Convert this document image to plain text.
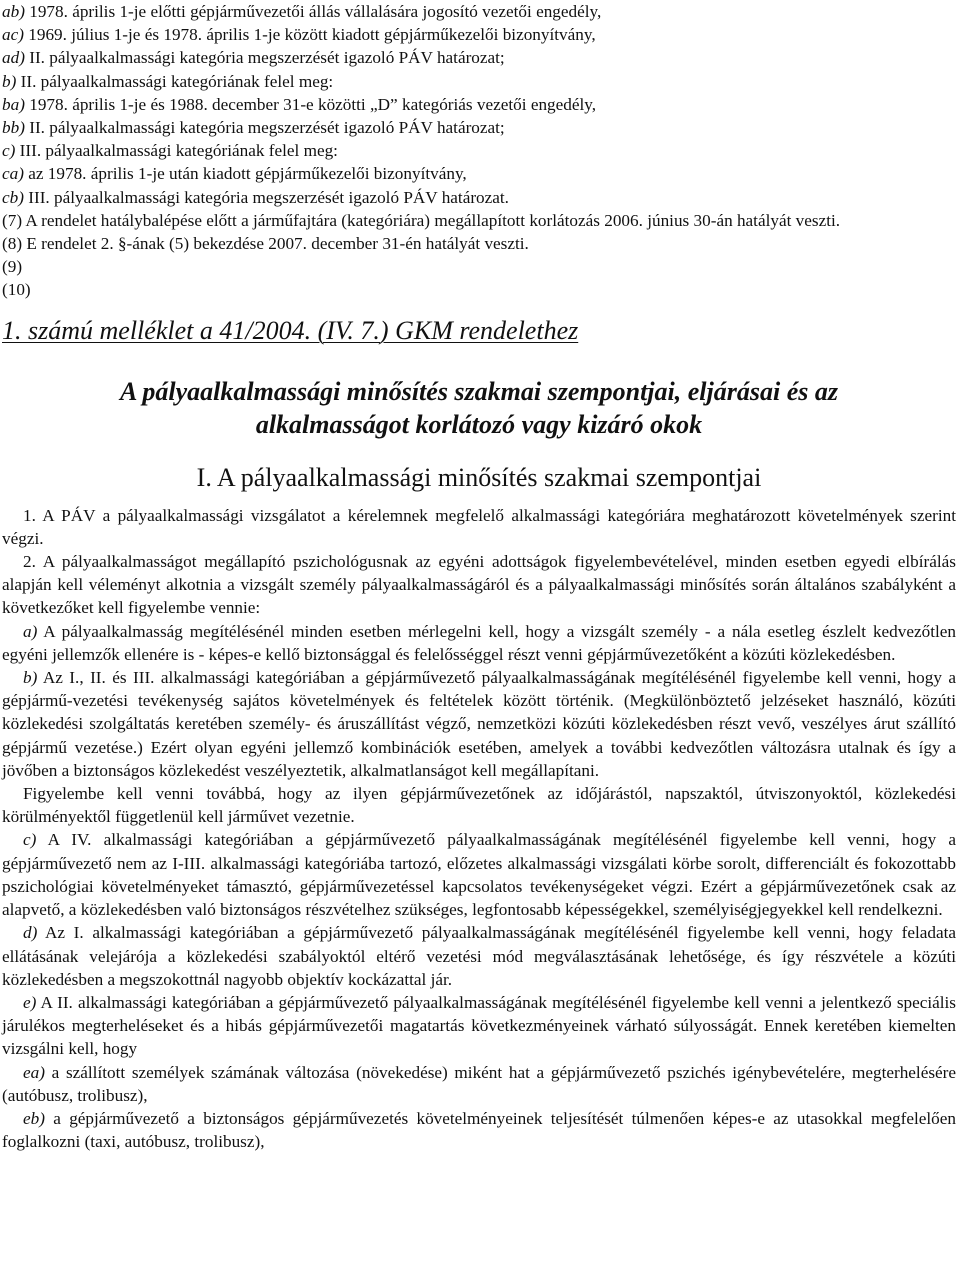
ab) 1978. április 1-je előtti gépjárművezetői állás vállalására jogosító vezetői engedély,
ac) 1969. július 1-je és 1978. április 1-je között kiadott gépjárműkezelői bizonyítvány,
ad) II. pályaalkalmassági kategória megszerzését igazoló PÁV határozat;
b) II. pályaalkalmassági kategóriának felel meg:
ba) 1978. április 1-je és 1988. december 31-e közötti „D” kategóriás vezetői engedély,
bb) II. pályaalkalmassági kategória megszerzését igazoló PÁV határozat;
c) III. pályaalkalmassági kategóriának felel meg:
ca) az 1978. április 1-je után kiadott gépjárműkezelői bizonyítvány,
cb) III. pályaalkalmassági kategória megszerzését igazoló PÁV határozat.
(7) A rendelet hatálybalépése előtt a járműfajtára (kategóriára) megállapított korlátozás 2006. június 30-án hatályát veszti.
(8) E rendelet 2. §-ának (5) bekezdése 2007. december 31-én hatályát veszti.
(9)
(10)
1. számú melléklet a 41/2004. (IV. 7.) GKM rendelethez
A pályaalkalmassági minősítés szakmai szempontjai, eljárásai és az
alkalmasságot korlátozó vagy kizáró okok
I. A pályaalkalmassági minősítés szakmai szempontjai
1. A PÁV a pályaalkalmassági vizsgálatot a kérelemnek megfelelő alkalmassági kategóriára meghatározott követelmények szerint végzi.
2. A pályaalkalmasságot megállapító pszichológusnak az egyéni adottságok figyelembevételével, minden esetben egyedi elbírálás alapján kell véleményt alkotnia a vizsgált személy pályaalkalmasságáról és a pályaalkalmassági minősítés során általános szabályként a következőket kell figyelembe vennie:
a) A pályaalkalmasság megítélésénél minden esetben mérlegelni kell, hogy a vizsgált személy - a nála esetleg észlelt kedvezőtlen egyéni jellemzők ellenére is - képes-e kellő biztonsággal és felelősséggel részt venni gépjárművezetőként a közúti közlekedésben.
b) Az I., II. és III. alkalmassági kategóriában a gépjárművezető pályaalkalmasságának megítélésénél figyelembe kell venni, hogy a gépjármű-vezetési tevékenység sajátos követelmények és feltételek között történik. (Megkülönböztető jelzéseket használó, közúti közlekedési szolgáltatás keretében személy- és áruszállítást végző, nemzetközi közúti közlekedésben részt vevő, veszélyes árut szállító gépjármű vezetése.) Ezért olyan egyéni jellemző kombinációk esetében, amelyek a további kedvezőtlen változásra utalnak és így a jövőben a biztonságos közlekedést veszélyeztetik, alkalmatlanságot kell megállapítani.
Figyelembe kell venni továbbá, hogy az ilyen gépjárművezetőnek az időjárástól, napszaktól, útviszonyoktól, közlekedési körülményektől függetlenül kell járművet vezetnie.
c) A IV. alkalmassági kategóriában a gépjárművezető pályaalkalmasságának megítélésénél figyelembe kell venni, hogy a gépjárművezető nem az I-III. alkalmassági kategóriába tartozó, előzetes alkalmassági vizsgálati körbe sorolt, differenciált és fokozottabb pszichológiai követelményeket támasztó, gépjárművezetéssel kapcsolatos tevékenységeket végzi. Ezért a gépjárművezetőnek csak az alapvető, a közlekedésben való biztonságos részvételhez szükséges, legfontosabb képességekkel, személyiségjegyekkel kell rendelkezni.
d) Az I. alkalmassági kategóriában a gépjárművezető pályaalkalmasságának megítélésénél figyelembe kell venni, hogy feladata ellátásának velejárója a közlekedési szabályoktól eltérő vezetési mód megválasztásának lehetősége, és így részvétele a közúti közlekedésben a megszokottnál nagyobb objektív kockázattal jár.
e) A II. alkalmassági kategóriában a gépjárművezető pályaalkalmasságának megítélésénél figyelembe kell venni a jelentkező speciális járulékos megterheléseket és a hibás gépjárművezetői magatartás következményeinek várható súlyosságát. Ennek keretében kiemelten vizsgálni kell, hogy
ea) a szállított személyek számának változása (növekedése) miként hat a gépjárművezető pszichés igénybevételére, megterhelésére (autóbusz, trolibusz),
eb) a gépjárművezető a biztonságos gépjárművezetés követelményeinek teljesítését túlmenően képes-e az utasokkal megfelelően foglalkozni (taxi, autóbusz, trolibusz),
